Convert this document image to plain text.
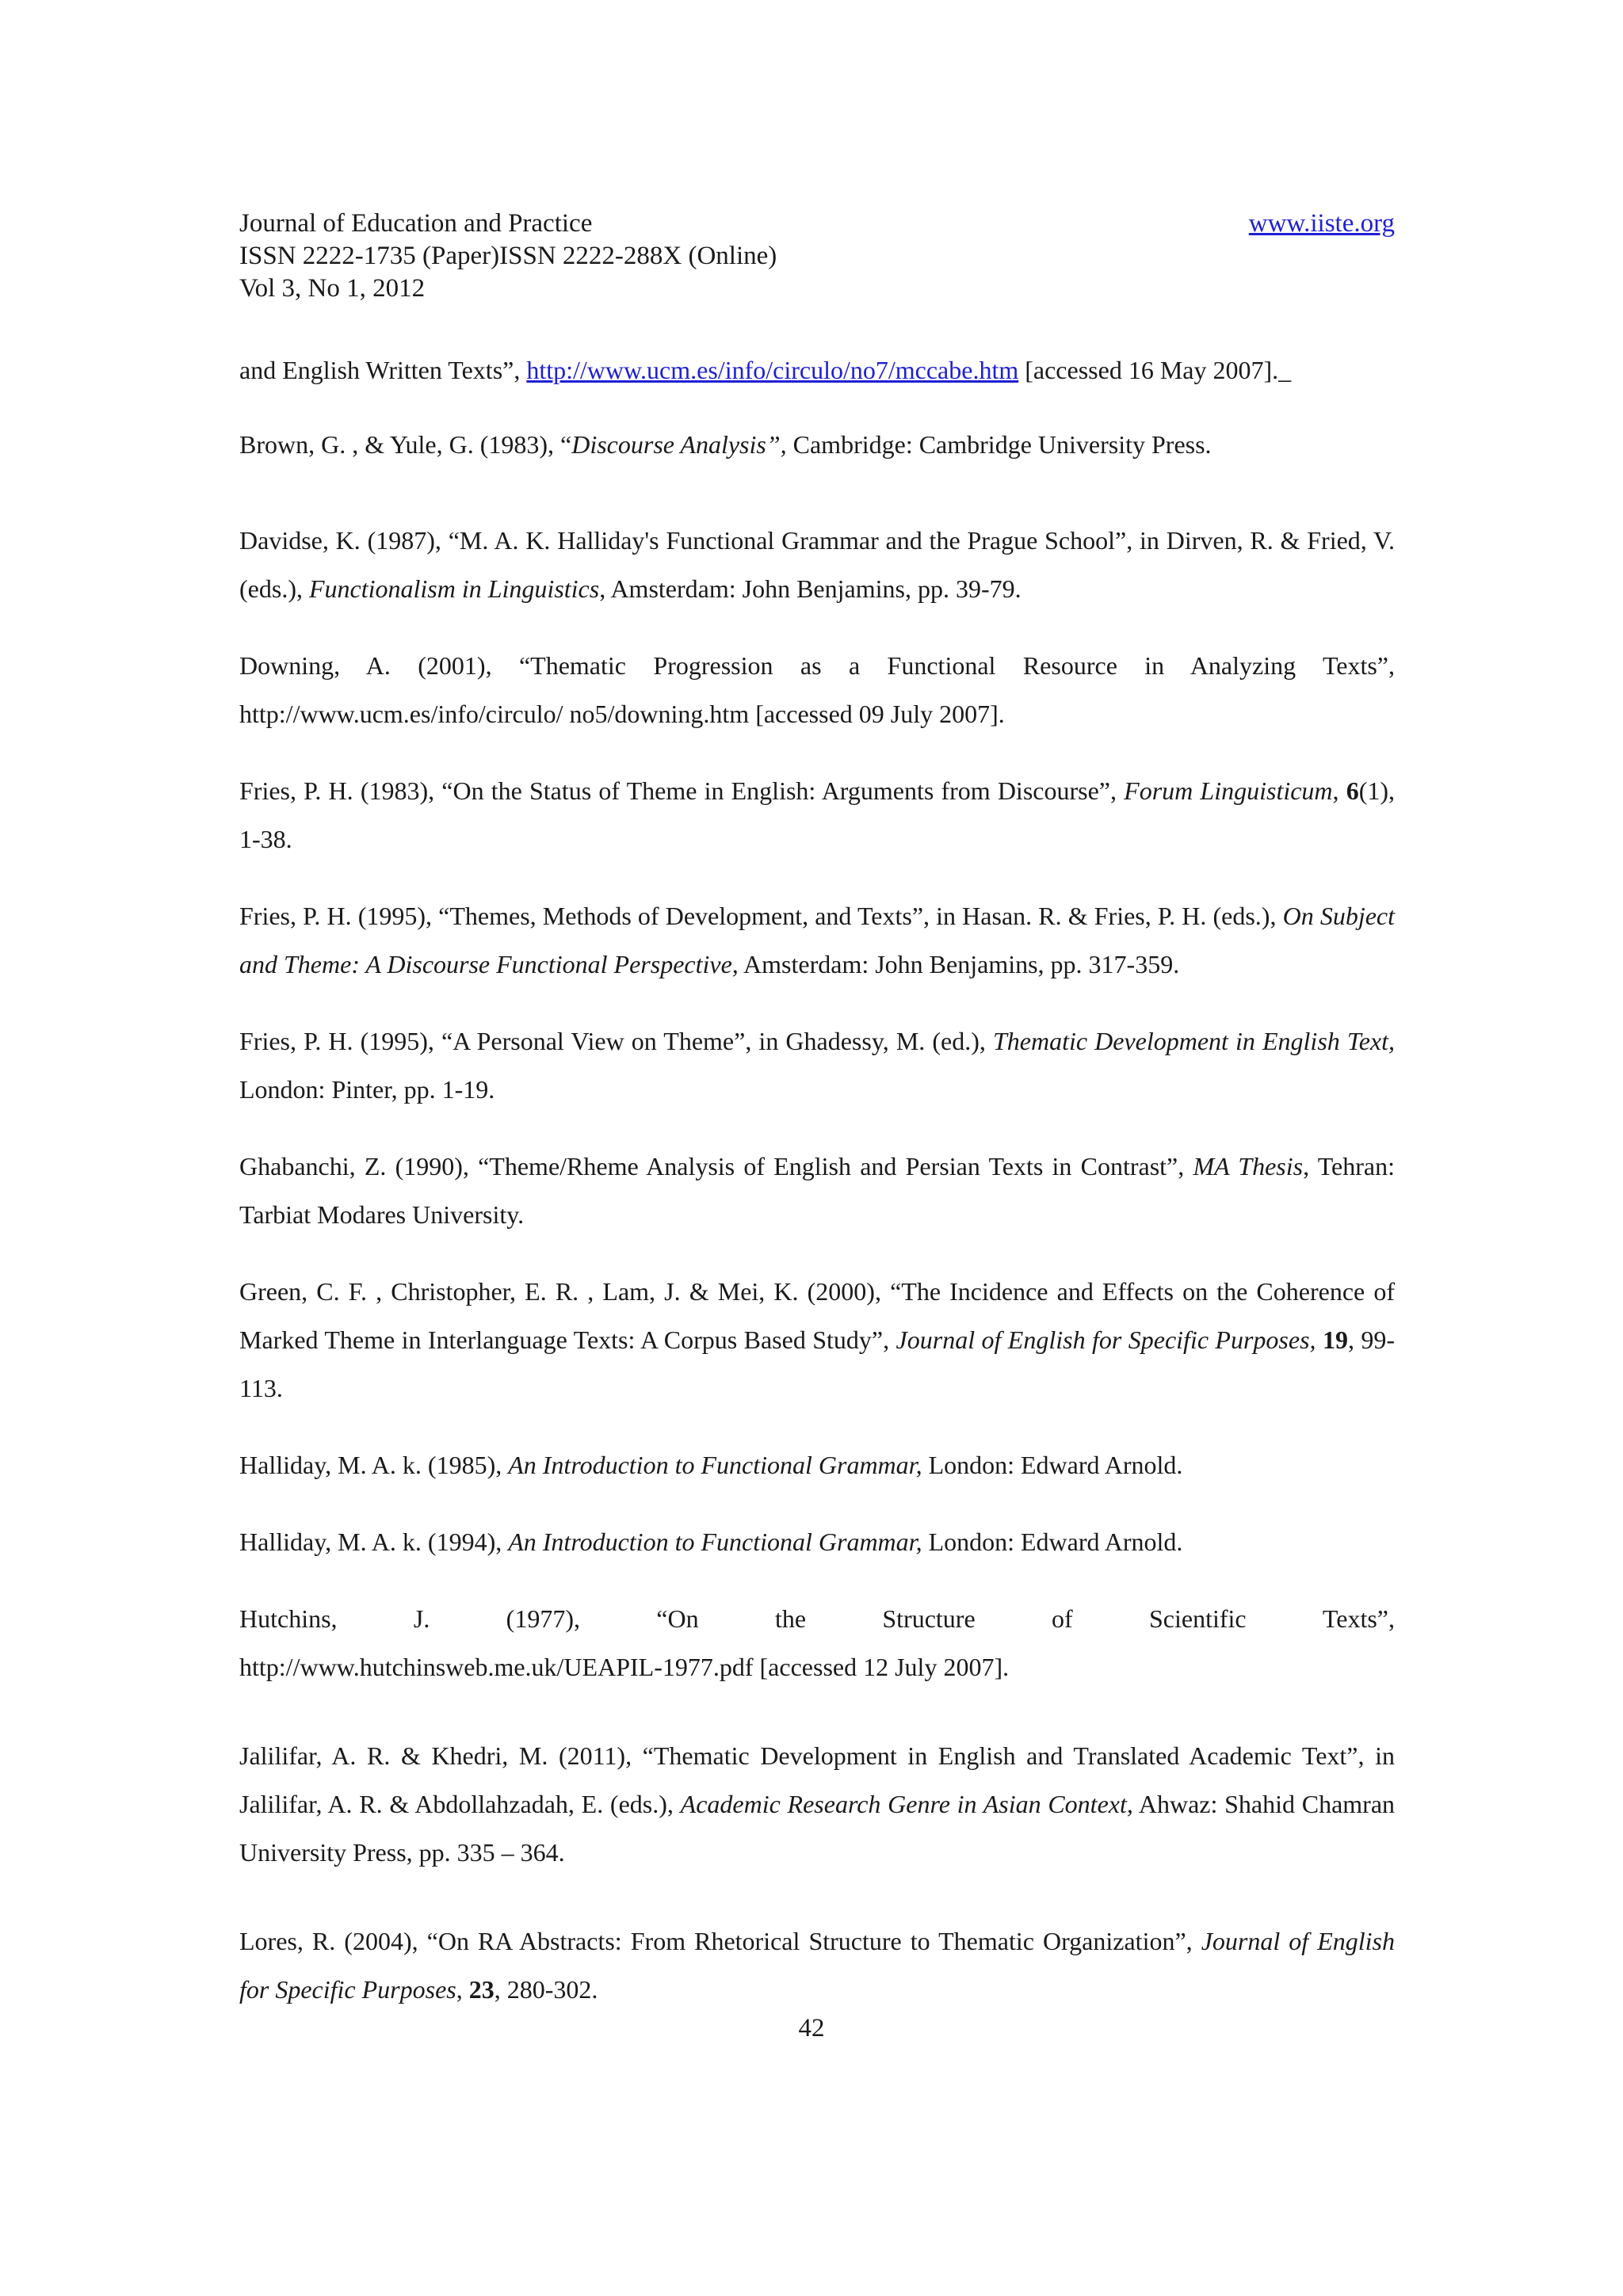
Journal of Education and Practice	www.iiste.org
ISSN 2222-1735 (Paper)ISSN 2222-288X (Online)
Vol 3, No 1, 2012

and English Written Texts”, http://www.ucm.es/info/circulo/no7/mccabe.htm [accessed 16 May 2007]._

Brown, G. , & Yule, G. (1983), “Discourse Analysis”, Cambridge: Cambridge University Press.

Davidse, K. (1987), “M. A. K. Halliday's Functional Grammar and the Prague School”, in Dirven, R. & Fried, V. (eds.), Functionalism in Linguistics, Amsterdam: John Benjamins, pp. 39-79.

Downing, A. (2001), “Thematic Progression as a Functional Resource in Analyzing Texts”, http://www.ucm.es/info/circulo/ no5/downing.htm [accessed 09 July 2007].

Fries, P. H. (1983), “On the Status of Theme in English: Arguments from Discourse”, Forum Linguisticum, 6(1), 1-38.

Fries, P. H. (1995), “Themes, Methods of Development, and Texts”, in Hasan. R. & Fries, P. H. (eds.), On Subject and Theme: A Discourse Functional Perspective, Amsterdam: John Benjamins, pp. 317-359.

Fries, P. H. (1995), “A Personal View on Theme”, in Ghadessy, M. (ed.), Thematic Development in English Text, London: Pinter, pp. 1-19.

Ghabanchi, Z. (1990), “Theme/Rheme Analysis of English and Persian Texts in Contrast”, MA Thesis, Tehran: Tarbiat Modares University.

Green, C. F. , Christopher, E. R. , Lam, J. & Mei, K. (2000), “The Incidence and Effects on the Coherence of Marked Theme in Interlanguage Texts: A Corpus Based Study”, Journal of English for Specific Purposes, 19, 99-113.

Halliday, M. A. k. (1985), An Introduction to Functional Grammar, London: Edward Arnold.

Halliday, M. A. k. (1994), An Introduction to Functional Grammar, London: Edward Arnold.

Hutchins,	J.	(1977),	“On	the	Structure	of	Scientific	Texts”,
http://www.hutchinsweb.me.uk/UEAPIL-1977.pdf [accessed 12 July 2007].

Jalilifar, A. R. & Khedri, M. (2011), “Thematic Development in English and Translated Academic Text”, in Jalilifar, A. R. & Abdollahzadah, E. (eds.), Academic Research Genre in Asian Context, Ahwaz: Shahid Chamran University Press, pp. 335 – 364.

Lores, R. (2004), “On RA Abstracts: From Rhetorical Structure to Thematic Organization”, Journal of English for Specific Purposes, 23, 280-302.

42
